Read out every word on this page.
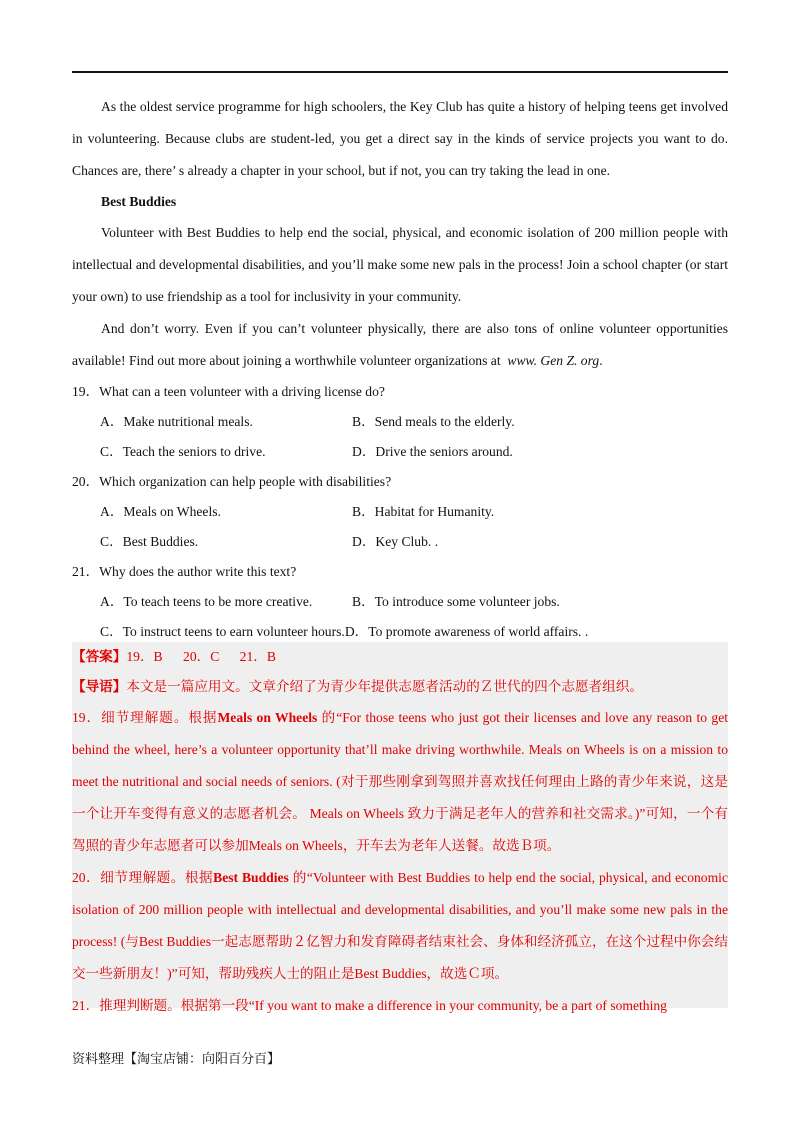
As the oldest service programme for high schoolers, the Key Club has quite a history of helping teens get involved in volunteering. Because clubs are student-led, you get a direct say in the kinds of service projects you want to do. Chances are, there’ s already a chapter in your school, but if not, you can try taking the lead in one.

Best Buddies

Volunteer with Best Buddies to help end the social, physical, and economic isolation of 200 million people with intellectual and developmental disabilities, and you’ll make some new pals in the process! Join a school chapter (or start your own) to use friendship as a tool for inclusivity in your community.

And don’t worry. Even if you can’t volunteer physically, there are also tons of online volunteer opportunities available! Find out more about joining a worthwhile volunteer organizations at www. Gen Z. org.

19．What can a teen volunteer with a driving license do?

A．Make nutritional meals.	B．Send meals to the elderly.
C．Teach the seniors to drive.	D．Drive the seniors around.

20．Which organization can help people with disabilities?

A．Meals on Wheels.	B．Habitat for Humanity.
C．Best Buddies.	D．Key Club. .

21．Why does the author write this text?

A．To teach teens to be more creative.	B．To introduce some volunteer jobs.
C．To instruct teens to earn volunteer hours. D．To promote awareness of world affairs. .

【答案】19．B      20．C      21．B

【导语】本文是一篇应用文。文章介绍了为青少年提供志愿者活动的Ｚ世代的四个志愿者组织。

19．细节理解题。根据Meals on Wheels 的“For those teens who just got their licenses and love any reason to get behind the wheel, here’s a volunteer opportunity that’ll make driving worthwhile. Meals on Wheels is on a mission to meet the nutritional and social needs of seniors. (对于那些刚拿到驾照并喜欢找任何理由上路的青少年来说，这是一个让开车变得有意义的志愿者机会。 Meals on Wheels 致力于满足老年人的营养和社交需求。)”可知，一个有驾照的青少年志愿者可以参加Meals on Wheels，开车去为老年人送餐。故选Ｂ项。

20．细节理解题。根据Best Buddies 的“Volunteer with Best Buddies to help end the social, physical, and economic isolation of 200 million people with intellectual and developmental disabilities, and you’ll make some new pals in the process! (与Best Buddies一起志愿帮助２亿智力和发育障碍者结束社会、身体和经济孤立，在这个过程中你会结交一些新朋友！)”可知，帮助残疾人士的阻止是Best Buddies，故选Ｃ项。

21．推理判断题。根据第一段“If you want to make a difference in your community, be a part of something

资料整理【淘宝店铺：向阳百分百】
